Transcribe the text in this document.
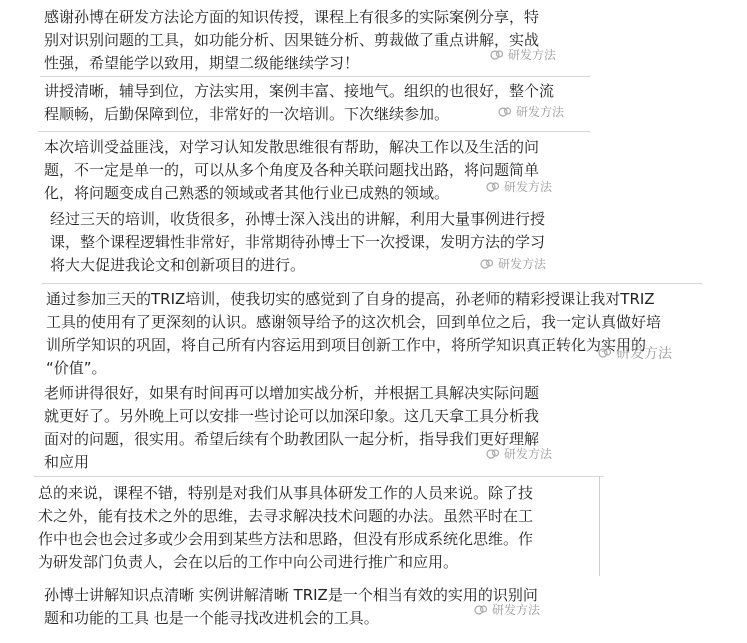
感谢孙博在研发方法论方面的知识传授，课程上有很多的实际案例分享，特
别对识别问题的工具，如功能分析、因果链分析、剪裁做了重点讲解，实战
性强，希望能学以致用，期望二级能继续学习！	研发方法
讲授清晰，辅导到位，方法实用，案例丰富、接地气。组织的也很好，整个流
程顺畅，后勤保障到位，非常好的一次培训。下次继续参加。	研发方法
本次培训受益匪浅，对学习认知发散思维很有帮助，解决工作以及生活的问
题，不一定是单一的，可以从多个角度及各种关联问题找出路，将问题简单
化，将问题变成自己熟悉的领域或者其他行业已成熟的领域。	研发方法
经过三天的培训，收货很多，孙博士深入浅出的讲解，利用大量事例进行授
课，整个课程逻辑性非常好，非常期待孙博士下一次授课，发明方法的学习
将大大促进我论文和创新项目的进行。	研发方法
通过参加三天的TRIZ培训，使我切实的感觉到了自身的提高，孙老师的精彩授课让我对TRIZ
工具的使用有了更深刻的认识。感谢领导给予的这次机会，回到单位之后，我一定认真做好培
训所学知识的巩固，将自己所有内容运用到项目创新工作中，将所学知识真正转化为实用的
“价值”。
研发方法
老师讲得很好，如果有时间再可以增加实战分析，并根据工具解决实际问题
就更好了。另外晚上可以安排一些讨论可以加深印象。这几天拿工具分析我
面对的问题，很实用。希望后续有个助教团队一起分析，指导我们更好理解
和应用	研发方法
总的来说，课程不错，特别是对我们从事具体研发工作的人员来说。除了技
术之外，能有技术之外的思维，去寻求解决技术问题的办法。虽然平时在工
作中也会也会过多或少会用到某些方法和思路，但没有形成系统化思维。作
为研发部门负责人，会在以后的工作中向公司进行推广和应用。
孙博士讲解知识点清晰 实例讲解清晰 TRIZ是一个相当有效的实用的识别问
题和功能的工具 也是一个能寻找改进机会的工具。	研发方法
